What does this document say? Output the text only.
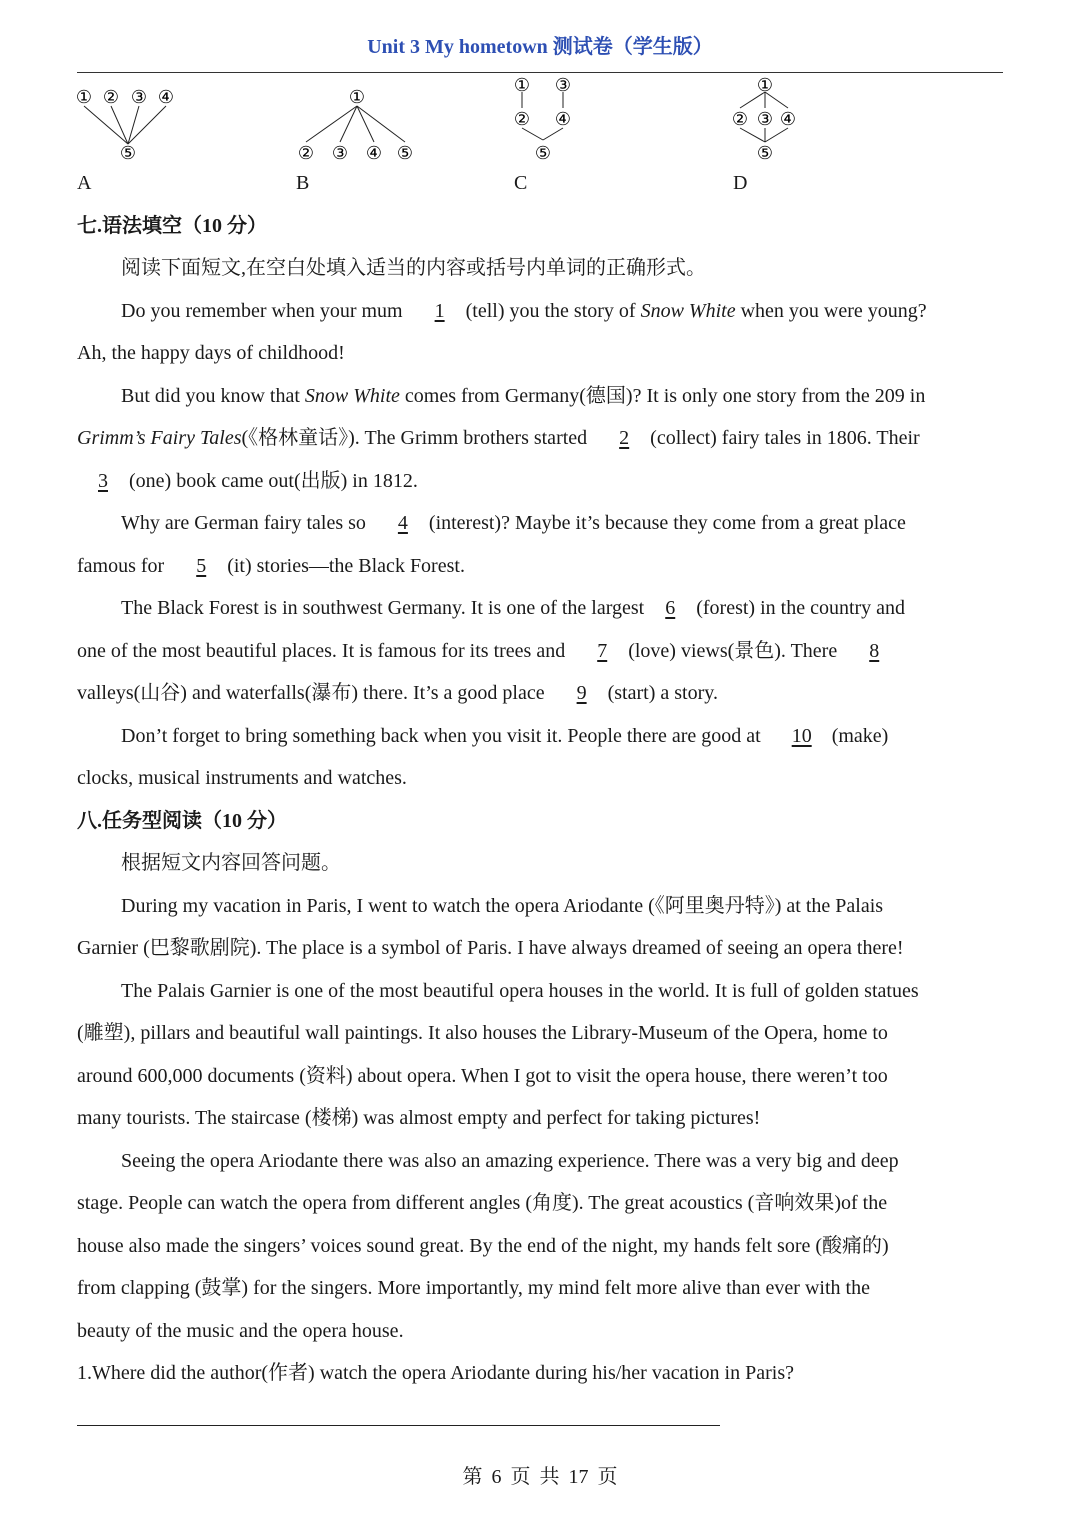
Unit 3 My hometown 测试卷（学生版）
① ② ③ ④
⑤
A
①
② ③ ④ ⑤
B
① ③
② ④
⑤
C
①
② ③ ④
⑤
D
七.语法填空（10 分）
阅读下面短文,在空白处填入适当的内容或括号内单词的正确形式。
Do you remember when your mum 1 (tell) you the story of Snow White when you were young?
Ah, the happy days of childhood!
But did you know that Snow White comes from Germany(德国)? It is only one story from the 209 in
Grimm’s Fairy Tales(《格林童话》). The Grimm brothers started 2 (collect) fairy tales in 1806. Their
3 (one) book came out(出版) in 1812.
Why are German fairy tales so 4 (interest)? Maybe it’s because they come from a great place
famous for 5 (it) stories—the Black Forest.
The Black Forest is in southwest Germany. It is one of the largest 6 (forest) in the country and
one of the most beautiful places. It is famous for its trees and 7 (love) views(景色). There 8
valleys(山谷) and waterfalls(瀑布) there. It’s a good place 9 (start) a story.
Don’t forget to bring something back when you visit it. People there are good at 10 (make)
clocks, musical instruments and watches.
八.任务型阅读（10 分）
根据短文内容回答问题。
During my vacation in Paris, I went to watch the opera Ariodante (《阿里奥丹特》) at the Palais
Garnier (巴黎歌剧院). The place is a symbol of Paris. I have always dreamed of seeing an opera there!
The Palais Garnier is one of the most beautiful opera houses in the world. It is full of golden statues
(雕塑), pillars and beautiful wall paintings. It also houses the Library-Museum of the Opera, home to
around 600,000 documents (资料) about opera. When I got to visit the opera house, there weren’t too
many tourists. The staircase (楼梯) was almost empty and perfect for taking pictures!
Seeing the opera Ariodante there was also an amazing experience. There was a very big and deep
stage. People can watch the opera from different angles (角度). The great acoustics (音响效果)of the
house also made the singers’ voices sound great. By the end of the night, my hands felt sore (酸痛的)
from clapping (鼓掌) for the singers. More importantly, my mind felt more alive than ever with the
beauty of the music and the opera house.
1.Where did the author(作者) watch the opera Ariodante during his/her vacation in Paris?
第 6 页 共 17 页
